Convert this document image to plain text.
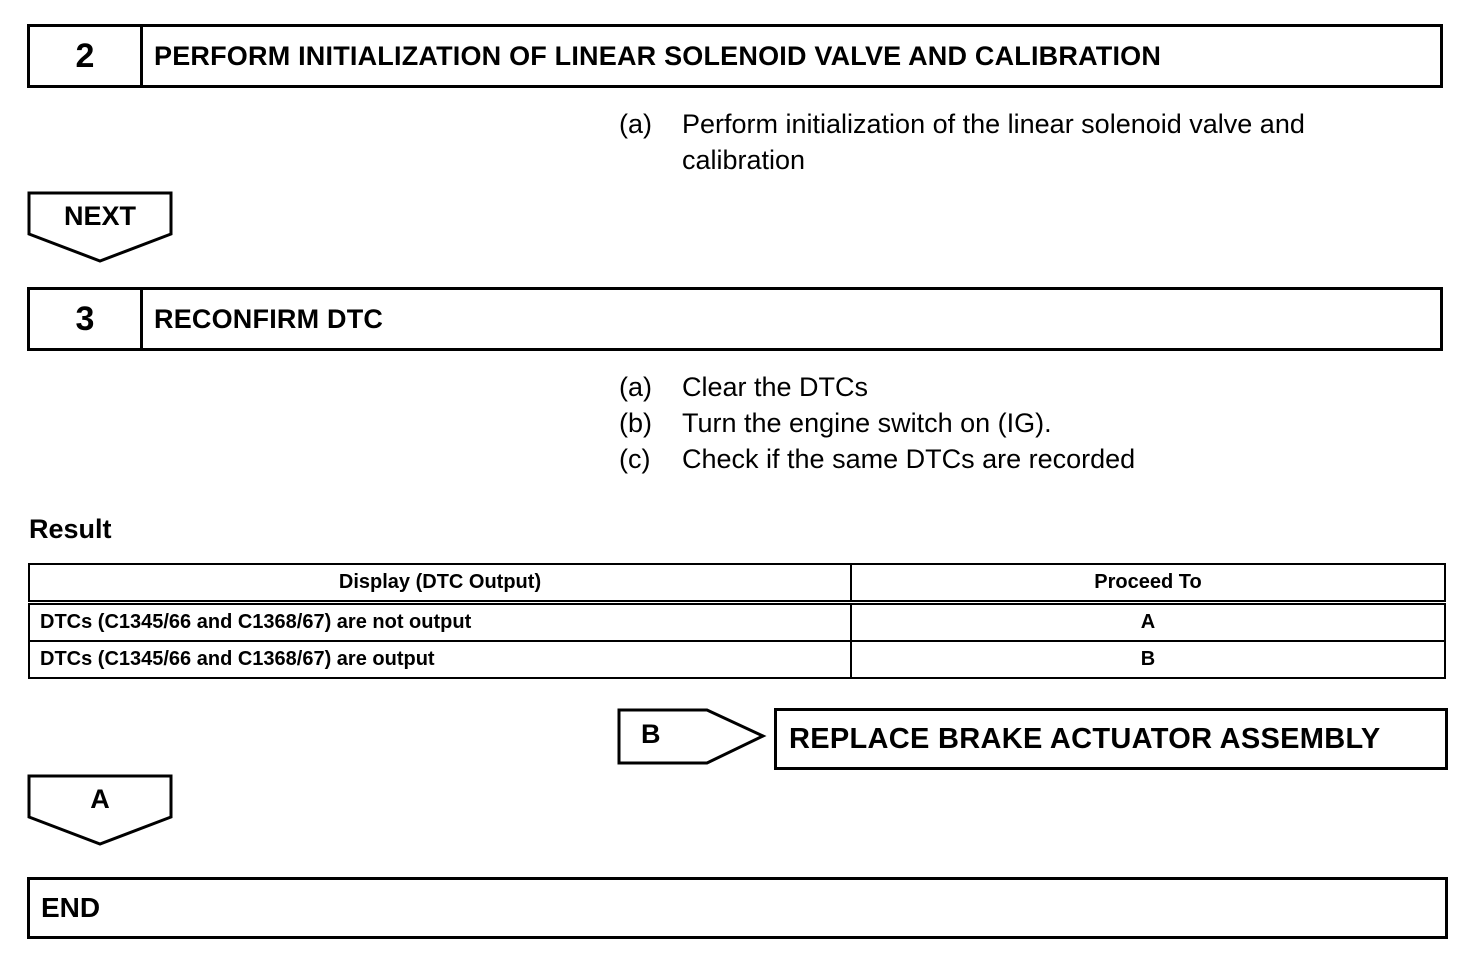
2	PERFORM INITIALIZATION OF LINEAR SOLENOID VALVE AND CALIBRATION
(a)	Perform initialization of the linear solenoid valve and calibration
NEXT
3	RECONFIRM DTC
(a)	Clear the DTCs
(b)	Turn the engine switch on (IG).
(c)	Check if the same DTCs are recorded
Result
Display (DTC Output)	Proceed To
DTCs (C1345/66 and C1368/67) are not output	A
DTCs (C1345/66 and C1368/67) are output	B
B	REPLACE BRAKE ACTUATOR ASSEMBLY
A
END
